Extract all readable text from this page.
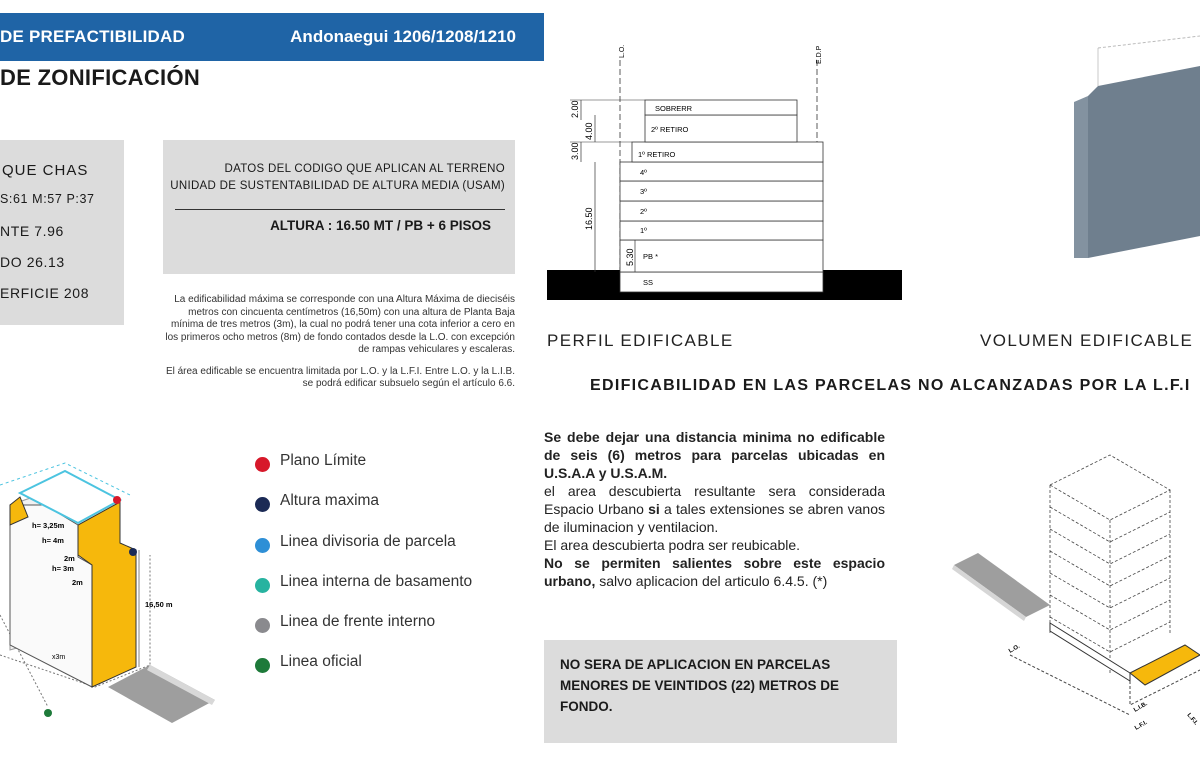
DE PREFACTIBILIDAD	Andonaegui 1206/1208/1210
DE ZONIFICACIÓN
QUE CHAS
S:61 M:57 P:37
NTE 7.96
DO 26.13
ERFICIE 208
DATOS DEL CODIGO QUE APLICAN AL TERRENO
UNIDAD DE SUSTENTABILIDAD DE ALTURA MEDIA (USAM)
ALTURA : 16.50 MT / PB + 6 PISOS

La edificabilidad máxima se corresponde con una Altura Máxima de dieciséis metros con cincuenta centímetros (16,50m) con una altura de Planta Baja mínima de tres metros (3m), la cual no podrá tener una cota inferior a cero en los primeros ocho metros (8m) de fondo contados desde la L.O. con excepción de rampas vehiculares y escaleras.

El área edificable se encuentra limitada por L.O. y la L.F.I. Entre L.O. y la L.I.B. se podrá edificar subsuelo según el artículo 6.6.

h= 3,25m
h= 4m
2m
h= 3m
2m
16,50 m
x3m
Plano Límite
Altura maxima
Linea divisoria de parcela
Linea interna de basamento
Linea de frente interno
Linea oficial
L.O.	E.D.P
SOBRERR
2º RETIRO
1º RETIRO
4º
3º
2º
1º
PB *
SS
2.00
4.00
3.00
16.50
5.30
PERFIL EDIFICABLE	VOLUMEN EDIFICABLE
EDIFICABILIDAD EN LAS PARCELAS NO ALCANZADAS POR LA L.F.I

Se debe dejar una distancia minima no edificable de seis (6) metros para parcelas ubicadas en U.S.A.A y U.S.A.M.

el area descubierta resultante sera considerada Espacio Urbano si a tales extensiones se abren vanos de iluminacion y ventilacion.

El area descubierta podra ser reubicable.

No se permiten salientes sobre este espacio urbano, salvo aplicacion del articulo 6.4.5. (*)

NO SERA DE APLICACION EN PARCELAS MENORES DE VEINTIDOS (22) METROS DE FONDO.
L.O.
L.I.B.
L.F.I.	L.F.I.
